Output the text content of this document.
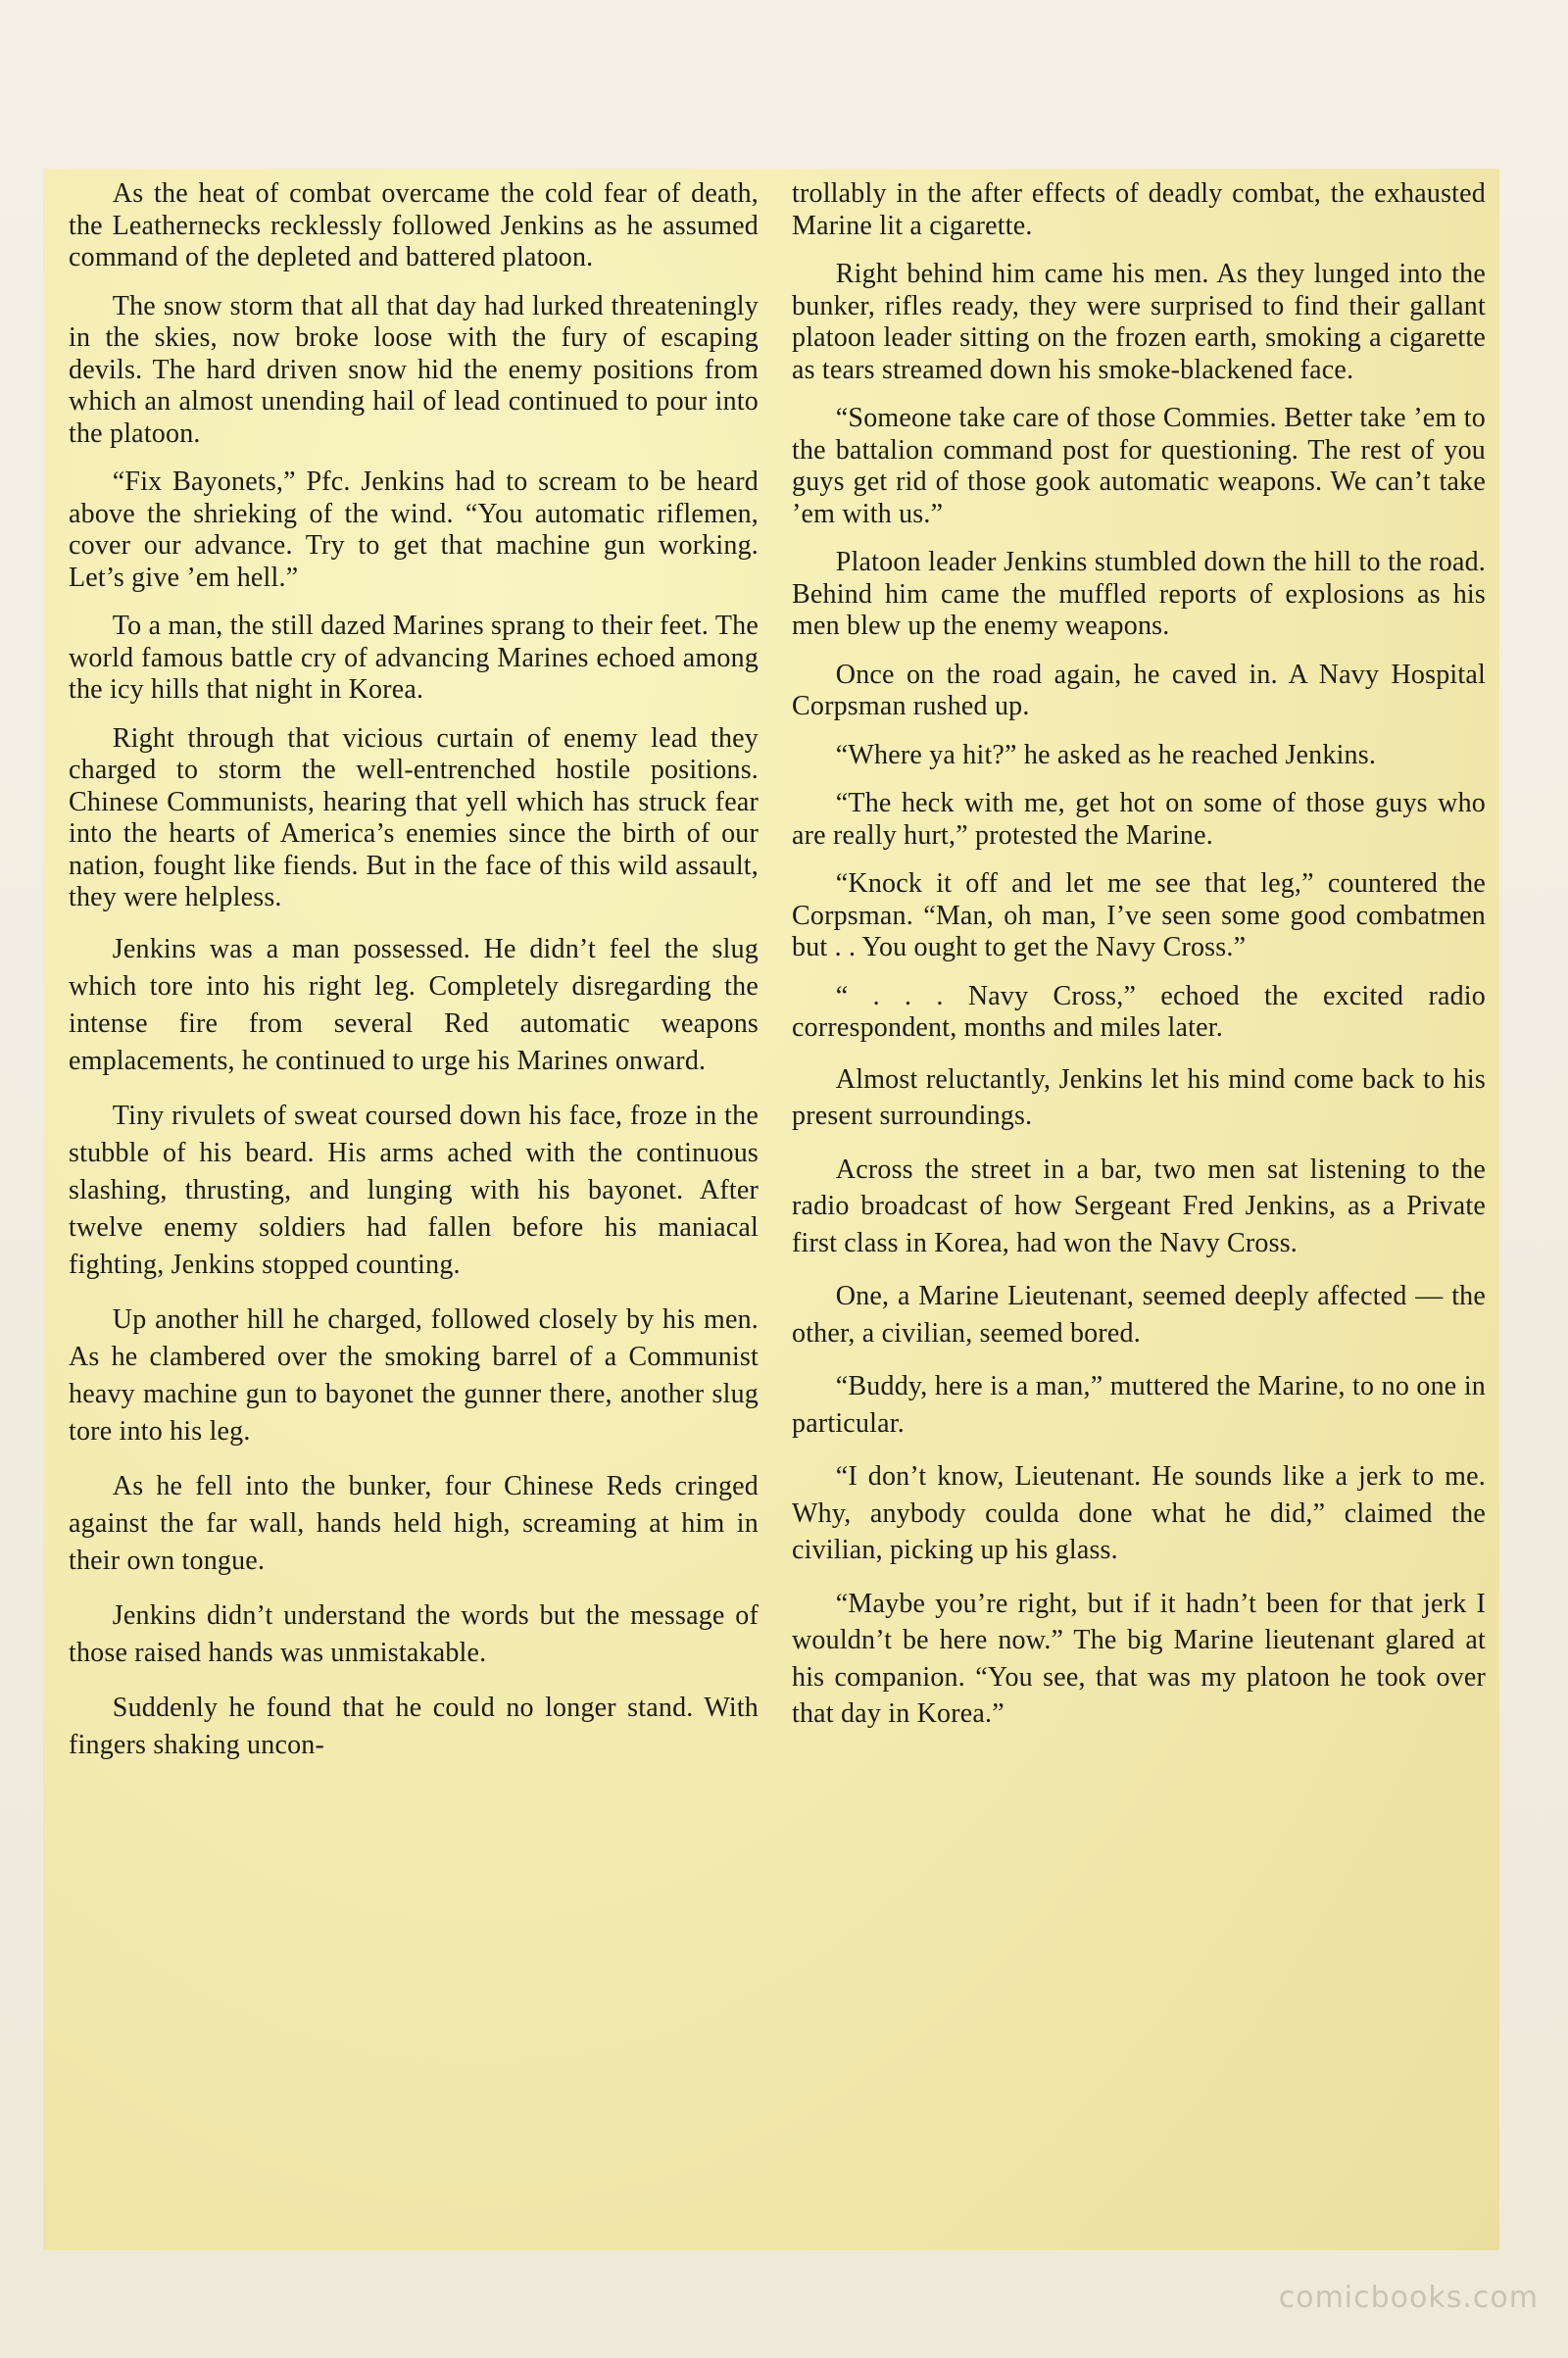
As the heat of combat overcame the cold fear of death, the Leathernecks recklessly followed Jenkins as he assumed command of the depleted and battered platoon.

The snow storm that all that day had lurked threateningly in the skies, now broke loose with the fury of escaping devils. The hard driven snow hid the enemy positions from which an almost unending hail of lead continued to pour into the platoon.

“Fix Bayonets,” Pfc. Jenkins had to scream to be heard above the shrieking of the wind. “You automatic riflemen, cover our advance. Try to get that machine gun working. Let’s give ’em hell.”

To a man, the still dazed Marines sprang to their feet. The world famous battle cry of advancing Marines echoed among the icy hills that night in Korea.

Right through that vicious curtain of enemy lead they charged to storm the well-entrenched hostile positions. Chinese Communists, hearing that yell which has struck fear into the hearts of America’s enemies since the birth of our nation, fought like fiends. But in the face of this wild assault, they were helpless.

Jenkins was a man possessed. He didn’t feel the slug which tore into his right leg. Completely disregarding the intense fire from several Red automatic weapons emplacements, he continued to urge his Marines onward.

Tiny rivulets of sweat coursed down his face, froze in the stubble of his beard. His arms ached with the continuous slashing, thrusting, and lunging with his bayonet. After twelve enemy soldiers had fallen before his maniacal fighting, Jenkins stopped counting.

Up another hill he charged, followed closely by his men. As he clambered over the smoking barrel of a Communist heavy machine gun to bayonet the gunner there, another slug tore into his leg.

As he fell into the bunker, four Chinese Reds cringed against the far wall, hands held high, screaming at him in their own tongue.

Jenkins didn’t understand the words but the message of those raised hands was unmistakable.

Suddenly he found that he could no longer stand. With fingers shaking uncon-

trollably in the after effects of deadly combat, the exhausted Marine lit a cigarette.

Right behind him came his men. As they lunged into the bunker, rifles ready, they were surprised to find their gallant platoon leader sitting on the frozen earth, smoking a cigarette as tears streamed down his smoke-blackened face.

“Someone take care of those Commies. Better take ’em to the battalion command post for questioning. The rest of you guys get rid of those gook automatic weapons. We can’t take ’em with us.”

Platoon leader Jenkins stumbled down the hill to the road. Behind him came the muffled reports of explosions as his men blew up the enemy weapons.

Once on the road again, he caved in. A Navy Hospital Corpsman rushed up.

“Where ya hit?” he asked as he reached Jenkins.

“The heck with me, get hot on some of those guys who are really hurt,” protested the Marine.

“Knock it off and let me see that leg,” countered the Corpsman. “Man, oh man, I’ve seen some good combatmen but . . You ought to get the Navy Cross.”

“ . . . Navy Cross,” echoed the excited radio correspondent, months and miles later.

Almost reluctantly, Jenkins let his mind come back to his present surroundings.

Across the street in a bar, two men sat listening to the radio broadcast of how Sergeant Fred Jenkins, as a Private first class in Korea, had won the Navy Cross.

One, a Marine Lieutenant, seemed deeply affected — the other, a civilian, seemed bored.

“Buddy, here is a man,” muttered the Marine, to no one in particular.

“I don’t know, Lieutenant. He sounds like a jerk to me. Why, anybody coulda done what he did,” claimed the civilian, picking up his glass.

“Maybe you’re right, but if it hadn’t been for that jerk I wouldn’t be here now.” The big Marine lieutenant glared at his companion. “You see, that was my platoon he took over that day in Korea.”

comicbooks.com
